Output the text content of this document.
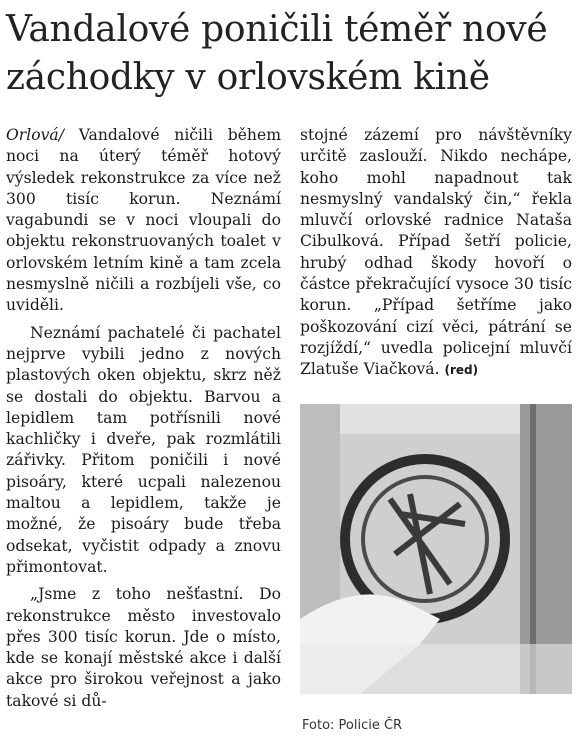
Vandalové poničili téměř nové záchodky v orlovském kině

Orlová/ Vandalové ničili během noci na úterý téměř hotový výsledek rekonstrukce za více než 300 tisíc korun. Neznámí vagabundi se v noci vloupali do objektu rekonstruovaných toalet v orlovském letním kině a tam zcela nesmyslně ničili a rozbíjeli vše, co uviděli.

Neznámí pachatelé či pachatel nejprve vybili jedno z nových plastových oken objektu, skrz něž se dostali do objektu. Barvou a lepidlem tam potřísnili nové kachličky i dveře, pak rozmlátili zářivky. Přitom poničili i nové pisoáry, které ucpali nalezenou maltou a lepidlem, takže je možné, že pisoáry bude třeba odsekat, vyčistit odpady a znovu přimontovat.

„Jsme z toho nešťastní. Do rekonstrukce město investovalo přes 300 tisíc korun. Jde o místo, kde se konají městské akce i další akce pro širokou veřejnost a jako takové si dů-

stojné zázemí pro návštěvníky určitě zaslouží. Nikdo nechápe, koho mohl napadnout tak nesmyslný vandalský čin,“ řekla mluvčí orlovské radnice Nataša Cibulková. Případ šetří policie, hrubý odhad škody hovoří o částce překračující vysoce 30 tisíc korun. „Případ šetříme jako poškozování cizí věci, pátrání se rozjíždí,“ uvedla policejní mluvčí Zlatuše Viačková. (red)

Foto: Policie ČR
